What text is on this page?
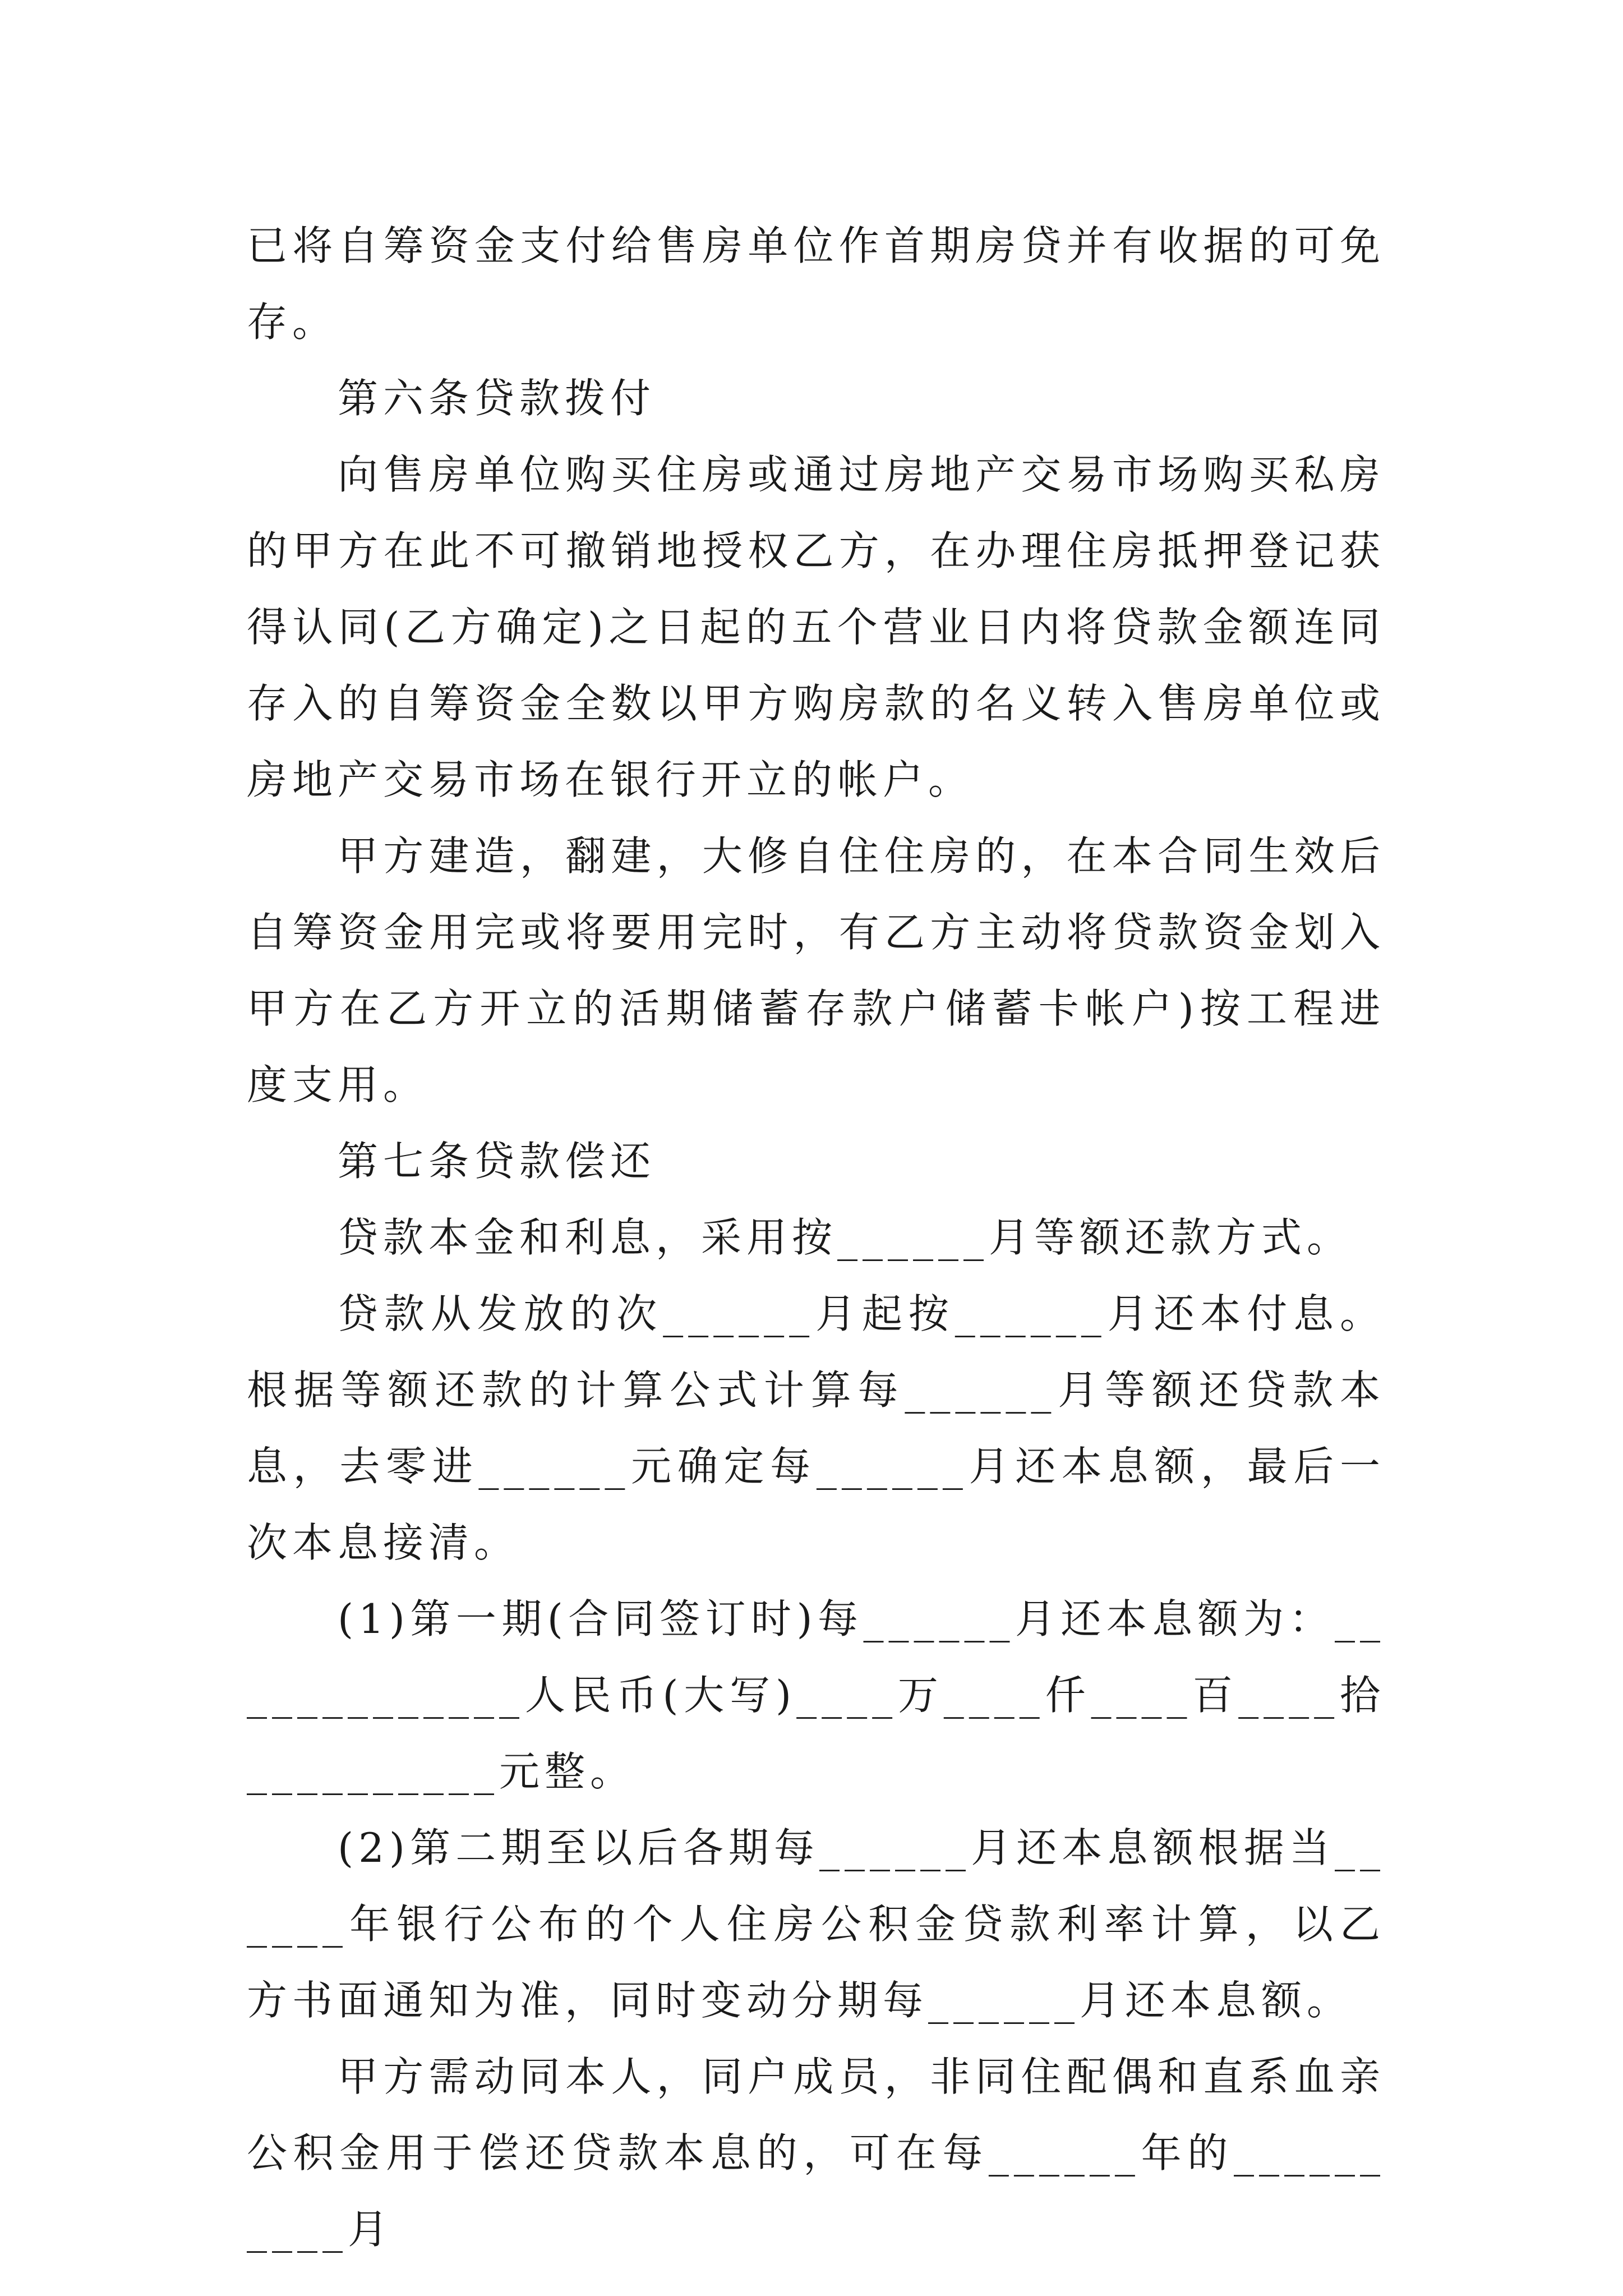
已将自筹资金支付给售房单位作首期房贷并有收据的可免存。

第六条贷款拨付

向售房单位购买住房或通过房地产交易市场购买私房的甲方在此不可撤销地授权乙方，在办理住房抵押登记获得认同(乙方确定)之日起的五个营业日内将贷款金额连同存入的自筹资金全数以甲方购房款的名义转入售房单位或房地产交易市场在银行开立的帐户。

甲方建造，翻建，大修自住住房的，在本合同生效后自筹资金用完或将要用完时，有乙方主动将贷款资金划入甲方在乙方开立的活期储蓄存款户储蓄卡帐户)按工程进度支用。

第七条贷款偿还

贷款本金和利息，采用按______月等额还款方式。

贷款从发放的次______月起按______月还本付息。根据等额还款的计算公式计算每______月等额还贷款本息，去零进______元确定每______月还本息额，最后一次本息接清。

(1)第一期(合同签订时)每______月还本息额为：_____________人民币(大写)____万____仟____百____拾__________元整。

(2)第二期至以后各期每______月还本息额根据当______年银行公布的个人住房公积金贷款利率计算，以乙方书面通知为准，同时变动分期每______月还本息额。

甲方需动同本人，同户成员，非同住配偶和直系血亲公积金用于偿还贷款本息的，可在每______年的__________月
